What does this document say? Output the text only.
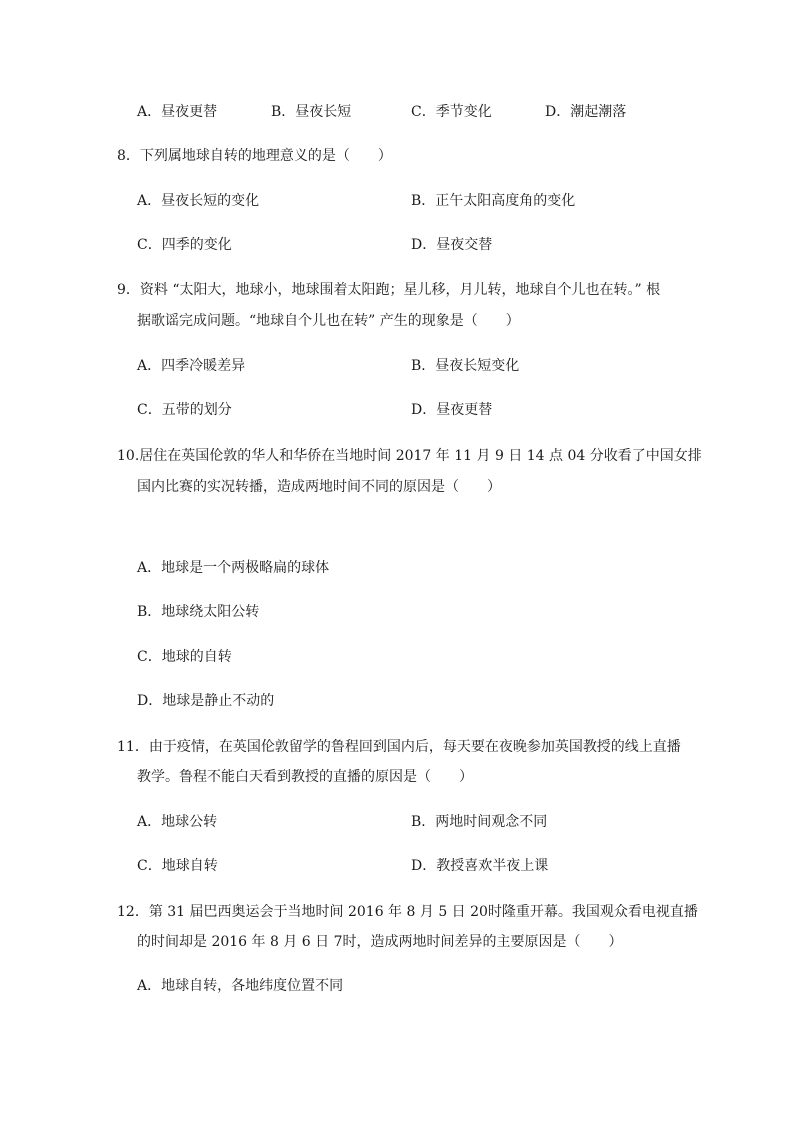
A．昼夜更替	B．昼夜长短	C．季节变化	D．潮起潮落
8．下列属地球自转的地理意义的是（　　）
A．昼夜长短的变化	B．正午太阳高度角的变化
C．四季的变化	D．昼夜交替
9．资料 “太阳大，地球小，地球围着太阳跑；星儿移，月儿转，地球自个儿也在转。” 根
据歌谣完成问题。“地球自个儿也在转” 产生的现象是（　　）
A．四季冷暖差异	B．昼夜长短变化
C．五带的划分	D．昼夜更替
10.居住在英国伦敦的华人和华侨在当地时间 2017 年 11 月 9 日 14 点 04 分收看了中国女排
国内比赛的实况转播，造成两地时间不同的原因是（　　）
A．地球是一个两极略扁的球体
B．地球绕太阳公转
C．地球的自转
D．地球是静止不动的
11．由于疫情，在英国伦敦留学的鲁程回到国内后，每天要在夜晚参加英国教授的线上直播
教学。鲁程不能白天看到教授的直播的原因是（　　）
A．地球公转	B．两地时间观念不同
C．地球自转	D．教授喜欢半夜上课
12．第 31 届巴西奥运会于当地时间 2016 年 8 月 5 日 20时隆重开幕。我国观众看电视直播
的时间却是 2016 年 8 月 6 日 7时，造成两地时间差异的主要原因是（　　）
A．地球自转，各地纬度位置不同
